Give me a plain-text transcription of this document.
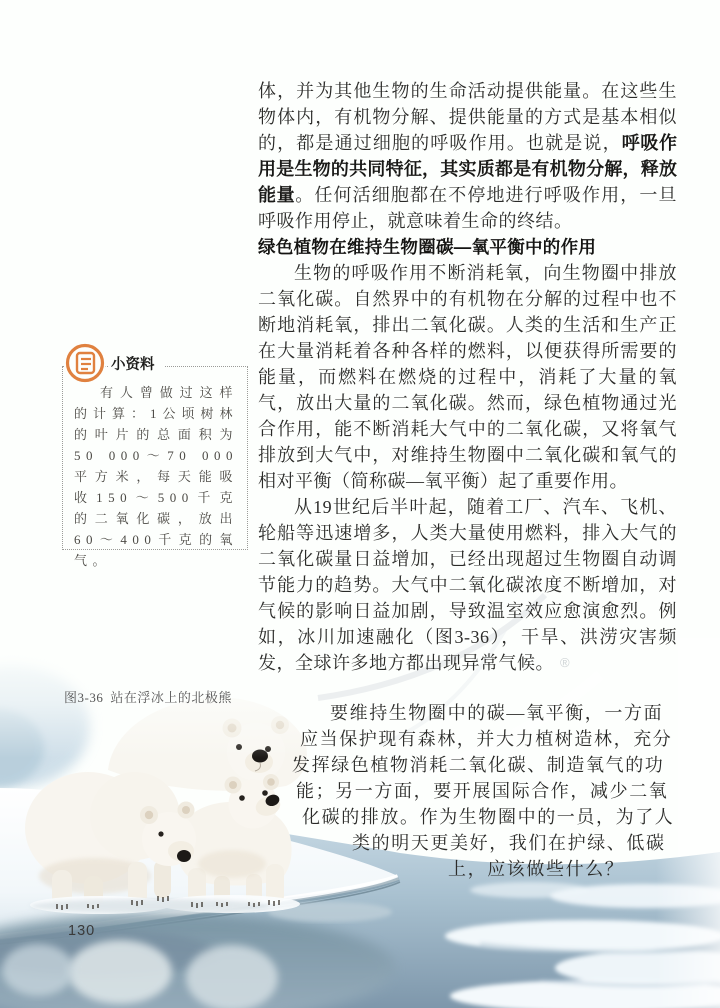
®
图3-36 站在浮冰上的北极熊
130
小资料
有人曾做过这样的计算：1公顷树林的叶片的总面积为50 000～70 000平方米，每天能吸收150～500千克的二氧化碳，放出60～400千克的氧气。

体，并为其他生物的生命活动提供能量。在这些生物体内，有机物分解、提供能量的方式是基本相似的，都是通过细胞的呼吸作用。也就是说，呼吸作用是生物的共同特征，其实质都是有机物分解，释放能量。任何活细胞都在不停地进行呼吸作用，一旦呼吸作用停止，就意味着生命的终结。

绿色植物在维持生物圈碳—氧平衡中的作用

生物的呼吸作用不断消耗氧，向生物圈中排放二氧化碳。自然界中的有机物在分解的过程中也不断地消耗氧，排出二氧化碳。人类的生活和生产正在大量消耗着各种各样的燃料，以便获得所需要的能量，而燃料在燃烧的过程中，消耗了大量的氧气，放出大量的二氧化碳。然而，绿色植物通过光合作用，能不断消耗大气中的二氧化碳，又将氧气排放到大气中，对维持生物圈中二氧化碳和氧气的相对平衡（简称碳—氧平衡）起了重要作用。

从19世纪后半叶起，随着工厂、汽车、飞机、轮船等迅速增多，人类大量使用燃料，排入大气的二氧化碳量日益增加，已经出现超过生物圈自动调节能力的趋势。大气中二氧化碳浓度不断增加，对气候的影响日益加剧，导致温室效应愈演愈烈。例如，冰川加速融化（图3-36），干旱、洪涝灾害频发，全球许多地方都出现异常气候。

要维持生物圈中的碳—氧平衡，一方面
应当保护现有森林，并大力植树造林，充分
发挥绿色植物消耗二氧化碳、制造氧气的功
能；另一方面，要开展国际合作，减少二氧
化碳的排放。作为生物圈中的一员，为了人
类的明天更美好，我们在护绿、低碳
上，应该做些什么？
